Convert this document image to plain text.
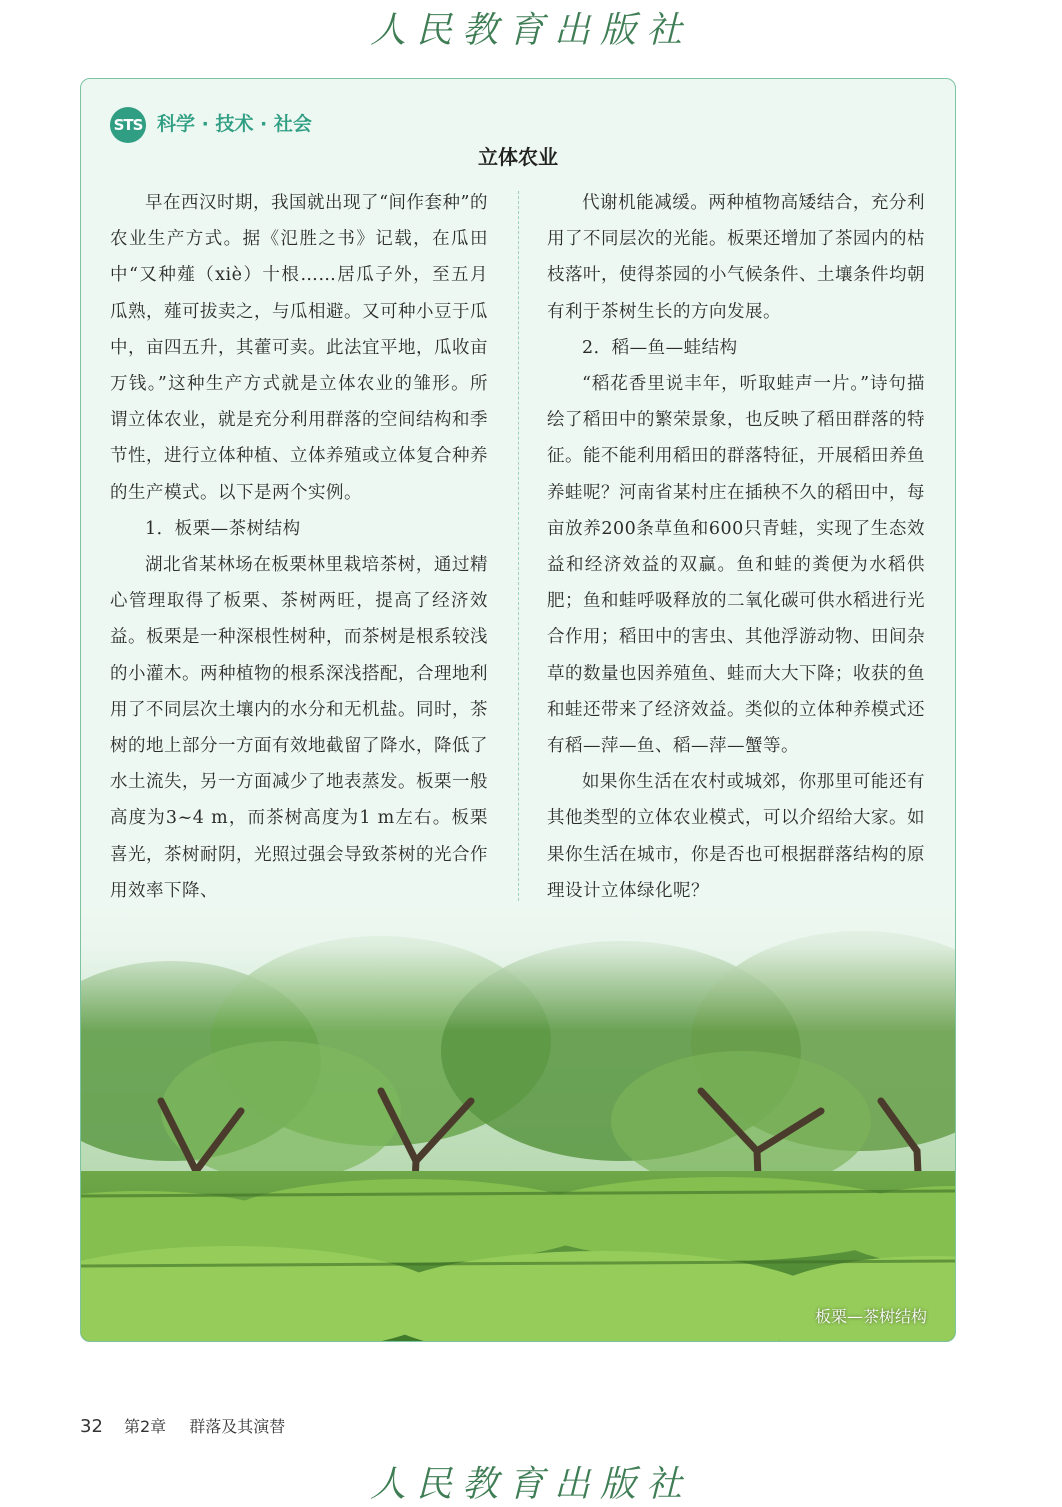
人民教育出版社
STS 科学 · 技术 · 社会
立体农业

早在西汉时期，我国就出现了“间作套种”的农业生产方式。据《氾胜之书》记载，在瓜田中“又种薤（xiè）十根……居瓜子外，至五月瓜熟，薤可拔卖之，与瓜相避。又可种小豆于瓜中，亩四五升，其藿可卖。此法宜平地，瓜收亩万钱。”这种生产方式就是立体农业的雏形。所谓立体农业，就是充分利用群落的空间结构和季节性，进行立体种植、立体养殖或立体复合种养的生产模式。以下是两个实例。

1．板栗—茶树结构

湖北省某林场在板栗林里栽培茶树，通过精心管理取得了板栗、茶树两旺，提高了经济效益。板栗是一种深根性树种，而茶树是根系较浅的小灌木。两种植物的根系深浅搭配，合理地利用了不同层次土壤内的水分和无机盐。同时，茶树的地上部分一方面有效地截留了降水，降低了水土流失，另一方面减少了地表蒸发。板栗一般高度为3~4 m，而茶树高度为1 m左右。板栗喜光，茶树耐阴，光照过强会导致茶树的光合作用效率下降、

代谢机能减缓。两种植物高矮结合，充分利用了不同层次的光能。板栗还增加了茶园内的枯枝落叶，使得茶园的小气候条件、土壤条件均朝有利于茶树生长的方向发展。

2．稻—鱼—蛙结构

“稻花香里说丰年，听取蛙声一片。”诗句描绘了稻田中的繁荣景象，也反映了稻田群落的特征。能不能利用稻田的群落特征，开展稻田养鱼养蛙呢？河南省某村庄在插秧不久的稻田中，每亩放养200条草鱼和600只青蛙，实现了生态效益和经济效益的双赢。鱼和蛙的粪便为水稻供肥；鱼和蛙呼吸释放的二氧化碳可供水稻进行光合作用；稻田中的害虫、其他浮游动物、田间杂草的数量也因养殖鱼、蛙而大大下降；收获的鱼和蛙还带来了经济效益。类似的立体种养模式还有稻—萍—鱼、稻—萍—蟹等。

如果你生活在农村或城郊，你那里可能还有其他类型的立体农业模式，可以介绍给大家。如果你生活在城市，你是否也可根据群落结构的原理设计立体绿化呢？

板栗—茶树结构
32 第2章 群落及其演替
人民教育出版社
